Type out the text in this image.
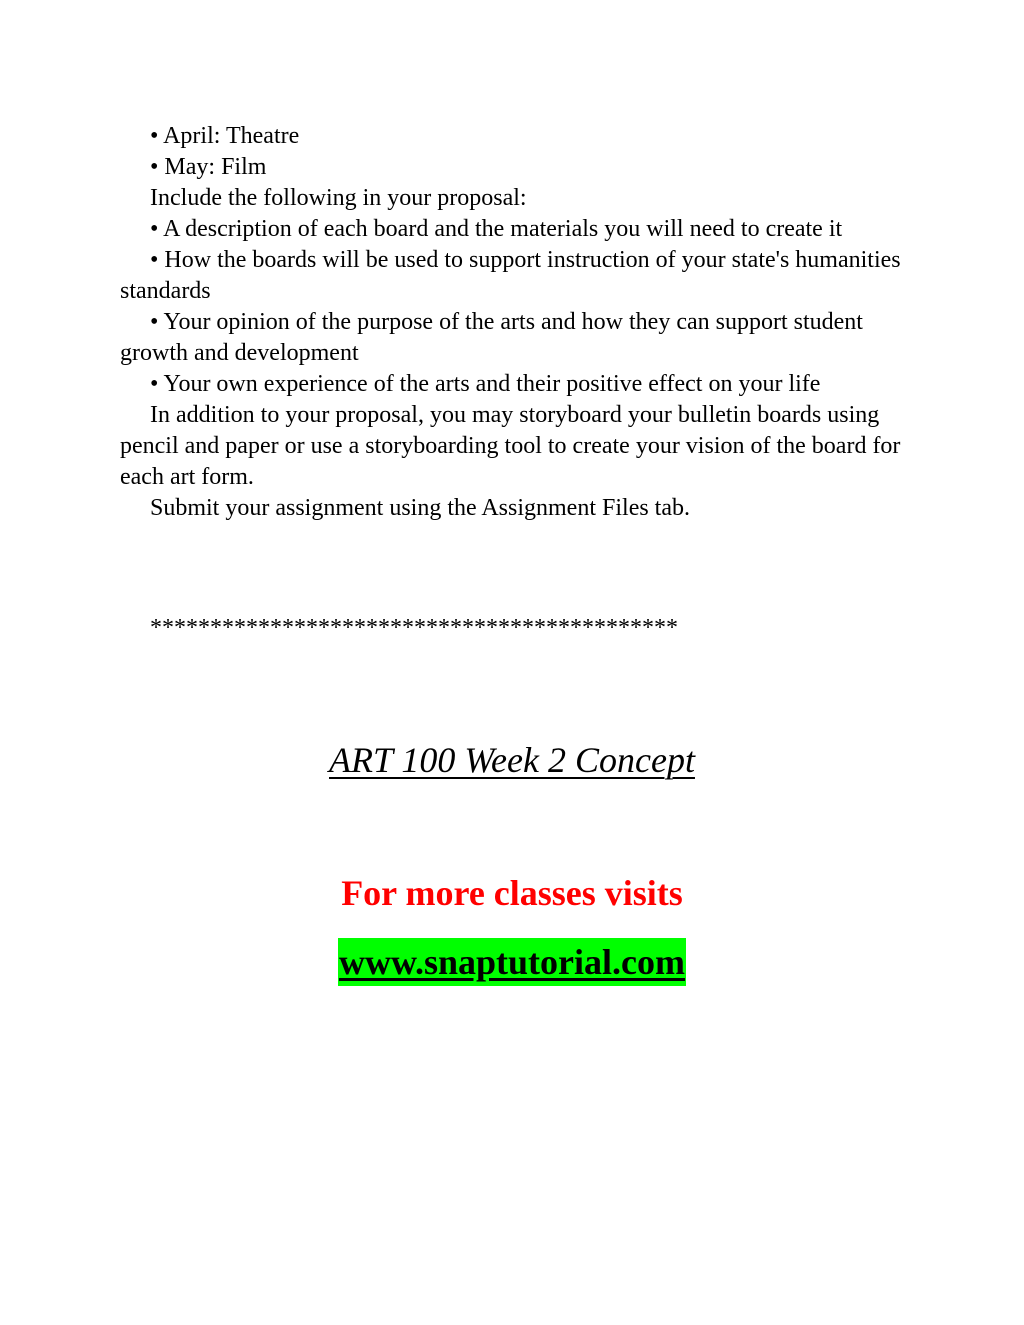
• April: Theatre

• May: Film

Include the following in your proposal:

• A description of each board and the materials you will need to create it

• How the boards will be used to support instruction of your state's humanities standards

• Your opinion of the purpose of the arts and how they can support student growth and development

• Your own experience of the arts and their positive effect on your life

In addition to your proposal, you may storyboard your bulletin boards using pencil and paper or use a storyboarding tool to create your vision of the board for each art form.

Submit your assignment using the Assignment Files tab.

********************************************
ART 100 Week 2 Concept
For more classes visits
www.snaptutorial.com
